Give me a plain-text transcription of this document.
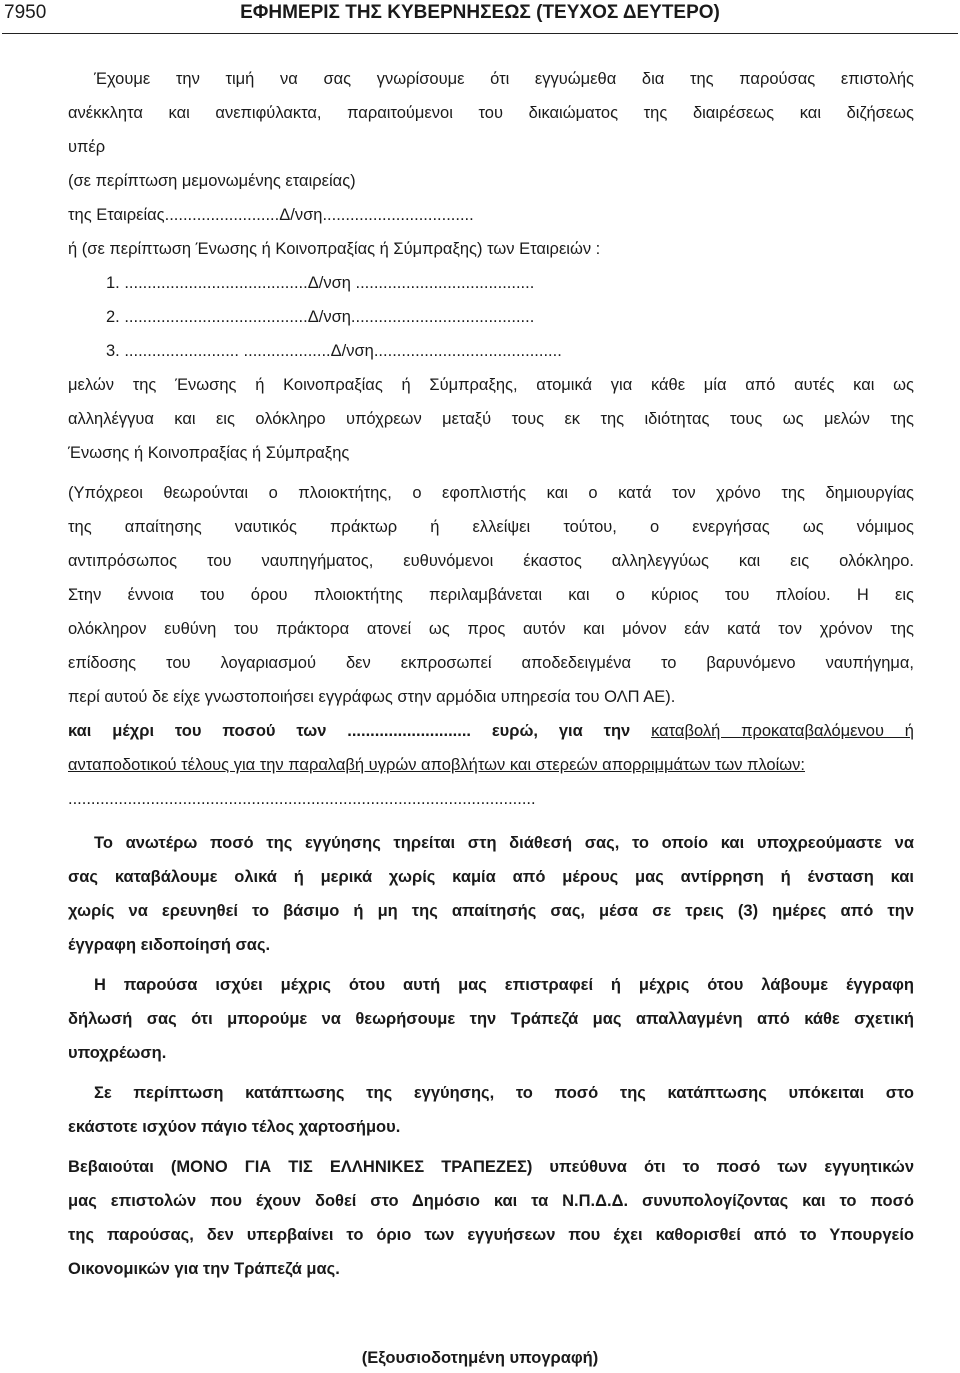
7950	ΕΦΗΜΕΡΙΣ ΤΗΣ ΚΥΒΕΡΝΗΣΕΩΣ (ΤΕΥΧΟΣ ΔΕΥΤΕΡΟ)

Έχουμε την τιμή να σας γνωρίσουμε ότι εγγυώμεθα δια της παρούσας επιστολής

ανέκκλητα και ανεπιφύλακτα, παραιτούμενοι του δικαιώματος της διαιρέσεως και διζήσεως

υπέρ

(σε περίπτωση μεμονωμένης εταιρείας)

της Εταιρείας.........................Δ/νση.................................

ή (σε περίπτωση Ένωσης ή Κοινοπραξίας ή Σύμπραξης) των Εταιρειών :

1. ........................................Δ/νση .......................................

2. ........................................Δ/νση........................................

3. ......................... ...................Δ/νση.........................................

μελών της Ένωσης ή Κοινοπραξίας ή Σύμπραξης, ατομικά για κάθε μία από αυτές και ως

αλληλέγγυα και εις ολόκληρο υπόχρεων μεταξύ τους εκ της ιδιότητας τους ως μελών της

Ένωσης ή Κοινοπραξίας ή Σύμπραξης

(Υπόχρεοι θεωρούνται ο πλοιοκτήτης, ο εφοπλιστής και ο κατά τον χρόνο της δημιουργίας

της απαίτησης ναυτικός πράκτωρ ή ελλείψει τούτου, ο ενεργήσας ως νόμιμος

αντιπρόσωπος του ναυπηγήματος, ευθυνόμενοι έκαστος αλληλεγγύως και εις ολόκληρο.

Στην έννοια του όρου πλοιοκτήτης περιλαμβάνεται και ο κύριος του πλοίου. Η εις

ολόκληρον ευθύνη του πράκτορα ατονεί ως προς αυτόν και μόνον εάν κατά τον χρόνον της

επίδοσης του λογαριασμού δεν εκπροσωπεί αποδεδειγμένα το βαρυνόμενο ναυπήγημα,

περί αυτού δε είχε γνωστοποιήσει εγγράφως στην αρμόδια υπηρεσία του ΟΛΠ ΑΕ).

και μέχρι του ποσού των ........................... ευρώ, για την καταβολή προκαταβαλόμενου ή

ανταποδοτικού τέλους για την παραλαβή υγρών αποβλήτων και στερεών απορριμμάτων των πλοίων:

......................................................................................................

Το ανωτέρω ποσό της εγγύησης τηρείται στη διάθεσή σας, το οποίο και υποχρεούμαστε να

σας καταβάλουμε ολικά ή μερικά χωρίς καμία από μέρους μας αντίρρηση ή ένσταση και

χωρίς να ερευνηθεί το βάσιμο ή μη της απαίτησής σας, μέσα σε τρεις (3) ημέρες από την

έγγραφη ειδοποίησή σας.

Η παρούσα ισχύει μέχρις ότου αυτή μας επιστραφεί ή μέχρις ότου λάβουμε έγγραφη

δήλωσή σας ότι μπορούμε να θεωρήσουμε την Τράπεζά μας απαλλαγμένη από κάθε σχετική

υποχρέωση.

Σε περίπτωση κατάπτωσης της εγγύησης, το ποσό της κατάπτωσης υπόκειται στο

εκάστοτε ισχύον πάγιο τέλος χαρτοσήμου.

Βεβαιούται (ΜΟΝΟ ΓΙΑ ΤΙΣ ΕΛΛΗΝΙΚΕΣ ΤΡΑΠΕΖΕΣ) υπεύθυνα ότι το ποσό των εγγυητικών

μας επιστολών που έχουν δοθεί στο Δημόσιο και τα Ν.Π.Δ.Δ. συνυπολογίζοντας και το ποσό

της παρούσας, δεν υπερβαίνει το όριο των εγγυήσεων που έχει καθορισθεί από το Υπουργείο

Οικονομικών για την Τράπεζά μας.

(Εξουσιοδοτημένη υπογραφή)
